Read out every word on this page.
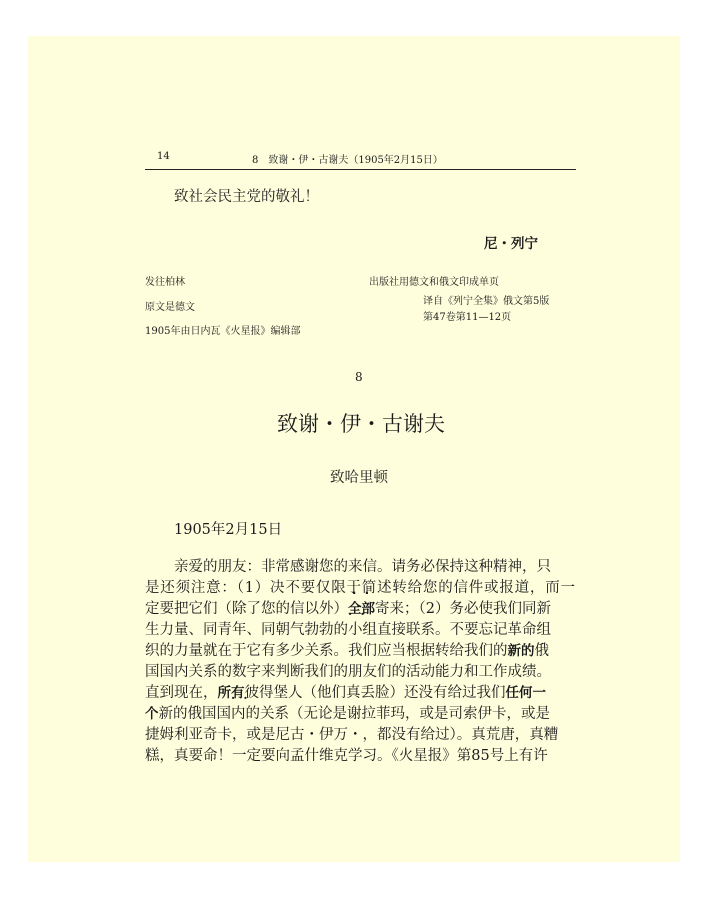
14	8　致谢・伊・古谢夫（1905年2月15日）
致社会民主党的敬礼！
尼・列宁
发往柏林
原文是德文
1905年由日内瓦《火星报》编辑部
出版社用德文和俄文印成单页
译自《列宁全集》俄文第5版
第47卷第11—12页
8
致谢・伊・古谢夫
致哈里顿
1905年2月15日
亲爱的朋友：非常感谢您的来信。请务必保持这种精神，只
是还须注意：（1）决不要仅限于简述转给您的信件或报道，而一
定要把它们（除了您的信以外）· · 全部寄来；（2）务必使我们同新
生力量、同青年、同朝气勃勃的· · 小组直接联系。不要忘记革命组
织的力量就在于它有多少关系。我们应当根据转给我们的新的俄
国国内关系的数字来判断我们的朋友们的活动能力和工作成绩。
直到现在，所有彼得堡人（他们真丢脸）还没有给过我们任何一
个新的俄国国· · 内的关系（无论是谢拉菲玛，或是司索伊卡，或是
捷姆利亚奇卡，或是尼古・伊万・，都没有给过）。真荒唐，真糟
糕，真要命！一定要向孟什维克学习。《火星报》第85号上有许
